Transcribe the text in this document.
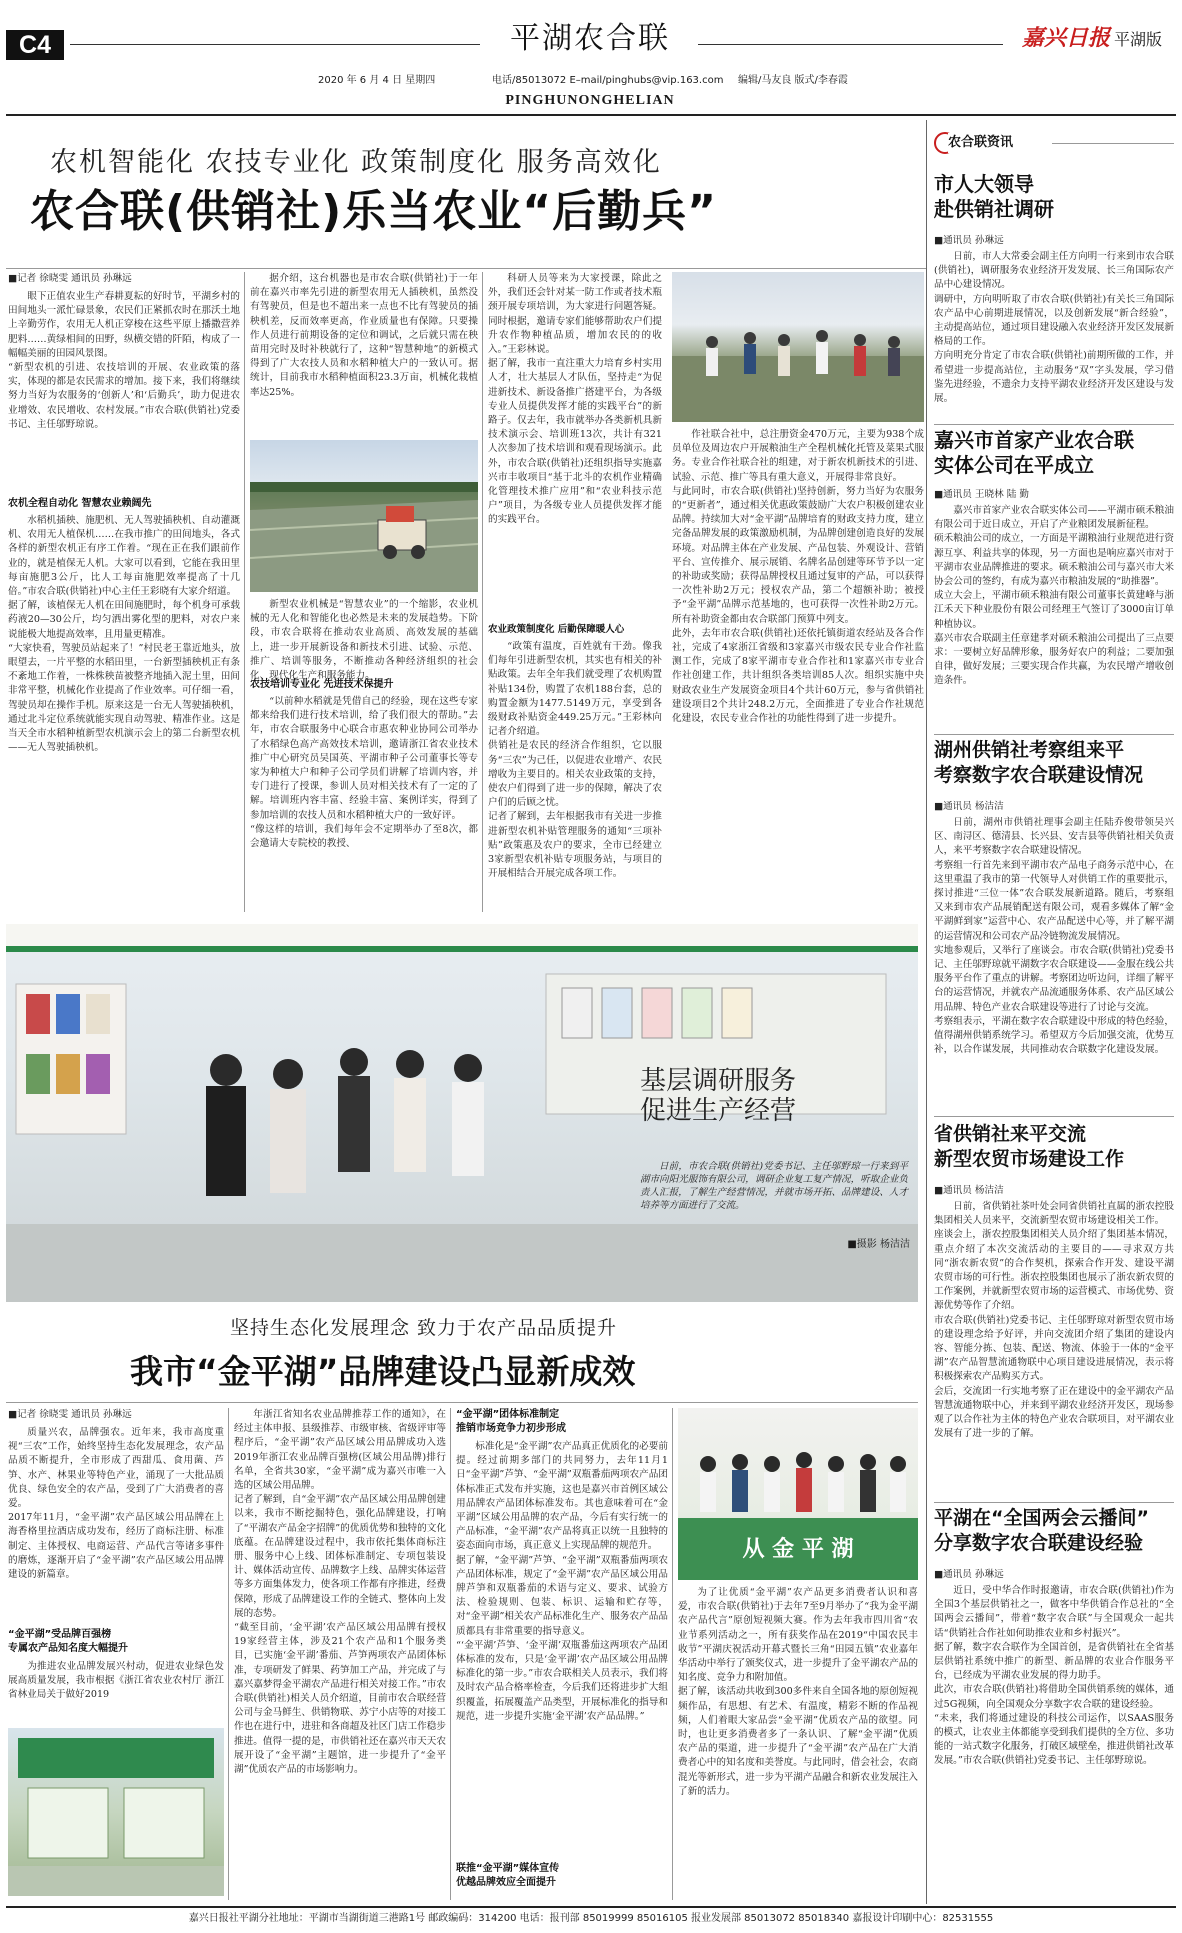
C4	平湖农合联	嘉兴日报 平湖版
2020 年 6 月 4 日 星期四	电话/85013072 E–mail/pinghubs@vip.163.com	编辑/马友良 版式/李春霞
PINGHUNONGHELIAN
农机智能化 农技专业化 政策制度化 服务高效化
农合联(供销社)乐当农业“后勤兵”
■记者 徐晓雯 通讯员 孙琳远
眼下正值农业生产春耕夏耘的好时节，平湖乡村的田间地头一派忙碌景象，农民们正紧抓农时在那沃土地上辛勤劳作，农用无人机正穿梭在这些平原上播撒营养肥料……黄绿相间的田野，纵横交错的阡陌，构成了一幅幅美丽的田园风景图。
“新型农机的引进、农技培训的开展、农业政策的落实，体现的都是农民需求的增加。接下来，我们将继续努力当好为农服务的‘创新人’和‘后勤兵’，助力促进农业增效、农民增收、农村发展。”市农合联(供销社)党委书记、主任邬野琼说。
农机全程自动化 智慧农业赖阔先
水稻机插秧、施肥机、无人驾驶插秧机、自动灌溉机、农用无人植保机……在我市推广的田间地头，各式各样的新型农机正有序工作着。“现在正在我们跟前作业的，就是植保无人机。大家可以看到，它能在我田里每亩施肥3公斤，比人工每亩施肥效率提高了十几倍。”市农合联(供销社)中心主任王彩晓有大家介绍道。
据了解，该植保无人机在田间施肥时，每个机身可承载药液20—30公斤，均匀洒出雾化型的肥料，对农户来说能极大地提高效率，且用量更精准。
“大家快看，驾驶员站起来了！”村民老王靠近地头，放眼望去，一片平整的水稻田里，一台新型插秧机正有条不紊地工作着，一株株秧苗被整齐地插入泥土里，田间非常平整，机械化作业提高了作业效率。可仔细一看，驾驶员却在操作手机。原来这是一台无人驾驶插秧机，通过北斗定位系统就能实现自动驾驶、精准作业。这是当天全市水稻种植新型农机演示会上的第二台新型农机——无人驾驶插秧机。
据介绍，这台机器也是市农合联(供销社)于一年前在嘉兴市率先引进的新型农用无人插秧机，虽然没有驾驶员，但是也不超出来一点也不比有驾驶员的插秧机差，反而效率更高，作业质量也有保障。只要操作人员进行前期设备的定位和调试，之后就只需在秧苗用完时及时补秧就行了，这种“智慧种地”的新模式得到了广大农技人员和水稻种植大户的一致认可。据统计，目前我市水稻种植面积23.3万亩，机械化栽植率达25%。
新型农业机械是“智慧农业”的一个缩影，农业机械的无人化和智能化也必然是未来的发展趋势。下阶段，市农合联将在推动农业高质、高效发展的基础上，进一步开展新设备和新技术引进、试验、示范、推广、培训等服务，不断推动各种经济组织的社会化、现代化生产和服务能力。
农技培训专业化 先进技术保提升
“以前种水稻就是凭借自己的经验，现在这些专家都来给我们进行技术培训，给了我们很大的帮助。”去年，市农合联服务中心联合市惠农种业协同公司举办了水稻绿色高产高效技术培训，邀请浙江省农业技术推广中心研究员吴国英、平湖市种子公司董事长等专家为种植大户和种子公司学员们讲解了培训内容，并专门进行了授课，参训人员对相关技术有了一定的了解。培训班内容丰富、经验丰富、案例详实，得到了参加培训的农技人员和水稻种植大户的一致好评。
“像这样的培训，我们每年会不定期举办了至8次，都会邀请大专院校的教授、
科研人员等来为大家授课，除此之外，我们还会针对某一防工作或者技术瓶颈开展专项培训，为大家进行问题答疑。同时根据，邀请专家们能够帮助农户们提升农作物种植品质，增加农民的的收入。”王彩林说。
据了解，我市一直注重大力培育乡村实用人才，壮大基层人才队伍，坚持走“为促进新技术、新设备推广搭建平台，为各级专业人员提供发挥才能的实践平台”的新路子。仅去年，我市就举办各类新机具新技术演示会、培训班13次，共计有321人次参加了技术培训和观看现场演示。此外，市农合联(供销社)还组织指导实施嘉兴市丰收项目“基于北斗的农机作业精确化管理技术推广应用”和“农业科技示范户”项目，为各级专业人员提供发挥才能的实践平台。
农业政策制度化 后勤保障暖人心
“政策有温度，百姓就有干劲。像我们每年引进新型农机，其实也有相关的补贴政策。去年全年我们就受理了农机购置补贴134份，购置了农机188台套，总的购置金额为1477.5149万元，享受到各级财政补贴资金449.25万元。”王彩林向记者介绍道。
供销社是农民的经济合作组织，它以服务“三农”为己任，以促进农业增产、农民增收为主要目的。相关农业政策的支持，使农户们得到了进一步的保障，解决了农户们的后顾之忧。
记者了解到，去年根据我市有关进一步推进新型农机补贴管理服务的通知“三项补贴”政策惠及农户的要求，全市已经建立3家新型农机补贴专项服务站，与项目的开展相结合开展完成各项工作。
作社联合社中，总注册资金470万元，主要为938个成员单位及周边农户开展粮油生产全程机械化托管及菜果式服务。专业合作社联合社的组建，对于新农机新技术的引进、试验、示范、推广等具有重大意义，开展得非常良好。
与此同时，市农合联(供销社)坚持创新，努力当好为农服务的“更新者”，通过相关优惠政策鼓励广大农户积极创建农业品牌。持续加大对“金平湖”品牌培育的财政支持力度，建立完备品牌发展的政策激励机制，为品牌创建创造良好的发展环境。对品牌主体在产业发展、产品包装、外观设计、营销平台、宣传推介、展示展销、名牌名品创建等环节予以一定的补助或奖励；获得品牌授权且通过复审的产品，可以获得一次性补助2万元；授权农产品，第二个超额补助；被授予“金平湖”品牌示范基地的，也可获得一次性补助2万元。所有补助资金都由农合联部门预算中列支。
此外，去年市农合联(供销社)还依托镇街道农经站及各合作社，完成了4家浙江省级和3家嘉兴市级农民专业合作社监测工作，完成了8家平湖市专业合作社和1家嘉兴市专业合作社创建工作，共计组织各类培训85人次。组织实施中央财政农业生产发展资金项目4个共计60万元，参与省供销社建设项目2个共计248.2万元，全面推进了专业合作社规范化建设，农民专业合作社的功能性得到了进一步提升。
基层调研服务
促进生产经营
日前，市农合联(供销社)党委书记、主任邬野琼一行来到平湖市向阳光服饰有限公司，调研企业复工复产情况，听取企业负责人汇报，了解生产经营情况，并就市场开拓、品牌建设、人才培养等方面进行了交流。
■摄影 杨洁洁
坚持生态化发展理念 致力于农产品品质提升
我市“金平湖”品牌建设凸显新成效
■记者 徐晓雯 通讯员 孙琳远
质量兴农，品牌强农。近年来，我市高度重视“三农”工作，始终坚持生态化发展理念，农产品品质不断提升，全市形成了西甜瓜、食用菌、芦笋、水产、林果业等特色产业，涌现了一大批品质优良、绿色安全的农产品，受到了广大消费者的喜爱。
2017年11月，“金平湖”农产品区域公用品牌在上海香格里拉酒店成功发布，经历了商标注册、标准制定、主体授权、电商运营、产品代言等诸多事件的磨炼，逐渐开启了“金平湖”农产品区域公用品牌建设的新篇章。
“金平湖”受品牌百强榜
专属农产品知名度大幅提升
为推进农业品牌发展兴村动，促进农业绿色发展高质量发展，我市根据《浙江省农业农村厅 浙江省林业局关于做好2019
年浙江省知名农业品牌推荐工作的通知》，在经过主体申报、县级推荐、市级审核、省级评审等程序后，“金平湖”农产品区域公用品牌成功入选2019年浙江农业品牌百强榜(区域公用品牌)排行名单，全省共30家，“金平湖”成为嘉兴市唯一入选的区域公用品牌。
记者了解到，自“金平湖”农产品区域公用品牌创建以来，我市不断挖掘特色，强化品牌建设，打响了“平湖农产品金字招牌”的优质优势和独特的文化底蕴。在品牌建设过程中，我市依托集体商标注册、服务中心上线、团体标准制定、专项包装设计、媒体活动宣传、品牌数字上线、品牌实体运营等多方面集体发力，使各项工作都有序推进，经费保障，形成了品牌建设工作的全链式、整体向上发展的态势。
“截至目前，‘金平湖’农产品区域公用品牌有授权19家经营主体，涉及21个农产品和1个服务类目，已实施‘金平湖’番茄、芦笋两项农产品团体标准，专项研发了鲜果、药笋加工产品，并完成了与嘉兴嘉梦得金平湖农产品进行相关对接工作。”市农合联(供销社)相关人员介绍道，目前市农合联经营公司与金马鲜生、供销物联、苏宁小店等的对接工作也在进行中，进驻和各商超及社区门店工作稳步推进。值得一提的是，市供销社还在嘉兴市天天农展开设了“金平湖”主题馆，进一步提升了“金平湖”优质农产品的市场影响力。
“金平湖”团体标准制定
推销市场竞争力初步形成
标准化是“金平湖”农产品真正优质化的必要前提。经过前期多部门的共同努力，去年11月1日“金平湖”芦笋、“金平湖”双瓶番茄两项农产品团体标准正式发布并实施，这也是嘉兴市首例区域公用品牌农产品团体标准发布。其也意味着可在“金平湖”区域公用品牌的农产品，今后有实行统一的产品标准，“金平湖”农产品将真正以统一且独特的姿态面向市场，真正意义上实现品牌的规范升。
据了解，“金平湖”芦笋、“金平湖”双瓶番茄两项农产品团体标准，规定了“金平湖”农产品区域公用品牌芦笋和双瓶番茄的术语与定义、要求、试验方法、检验规则、包装、标识、运输和贮存等，对“金平湖”相关农产品标准化生产、服务农产品品质都具有非常重要的指导意义。
“‘金平湖’芦笋、‘金平湖’双瓶番茄这两项农产品团体标准的发布，只是‘金平湖’农产品区域公用品牌标准化的第一步。”市农合联相关人员表示，我们将及时农产品合格率检查，今后我们还将进步扩大组织覆盖，拓展覆盖产品类型，开展标准化的指导和规范，进一步提升实施‘金平湖’农产品品牌。”
联推“金平湖”媒体宣传
优越品牌效应全面提升
从 金 平 湖
为了让优质“金平湖”农产品更多消费者认识和喜爱，市农合联(供销社)于去年7至9月举办了“我为金平湖农产品代言”原创短视频大赛。作为去年我市四川省“农业节系列活动之一，所有获奖作品在2019“中国农民丰收节”平湖庆祝活动开幕式暨长三角“田园五镇”农业嘉年华活动中举行了颁奖仪式，进一步提升了金平湖农产品的知名度、竞争力和附加值。
据了解，该活动共收到300多件来自全国各地的原创短视频作品，有思想、有艺术、有温度，精彩不断的作品视频，人们着眼大家品尝“金平湖”优质农产品的欲望。同时，也让更多消费者多了一条认识、了解“金平湖”优质农产品的渠道，进一步提升了“金平湖”农产品在广大消费者心中的知名度和美誉度。与此同时，借会社会，农商混光等新形式，进一步为平湖产品融合和新农业发展注入了新的活力。
农合联资讯
市人大领导
赴供销社调研
■通讯员 孙琳远
日前，市人大常委会副主任方向明一行来到市农合联(供销社)，调研服务农业经济开发发展、长三角国际农产品中心建设情况。
调研中，方向明听取了市农合联(供销社)有关长三角国际农产品中心前期进展情况，以及创新发展“新合经验”，主动提高站位，通过项目建设融入农业经济开发区发展新格局的工作。
方向明充分肯定了市农合联(供销社)前期所做的工作，并希望进一步提高站位，主动服务“双”字头发展，学习借鉴先进经验，不遗余力支持平湖农业经济开发区建设与发展。
嘉兴市首家产业农合联
实体公司在平成立
■通讯员 王晓林 陆 勤
嘉兴市首家产业农合联实体公司——平湖市硕禾粮油有限公司于近日成立，开启了产业粮团发展新征程。
硕禾粮油公司的成立，一方面是平湖粮油行业规范进行资源互享、利益共享的体现，另一方面也是响应嘉兴市对于平湖市农业品牌推进的要求。硕禾粮油公司与嘉兴市大米协会公司的签约，有成为嘉兴市粮油发展的“助推器”。
成立大会上，平湖市硕禾粮油有限公司董事长黄建峰与浙江禾天下种业股份有限公司经理王气签订了3000亩订单种植协议。
嘉兴市农合联副主任章建孝对硕禾粮油公司提出了三点要求：一要树立好品牌形象，服务好农户的利益；二要加强自律，做好发展；三要实现合作共赢，为农民增产增收创造条件。
湖州供销社考察组来平
考察数字农合联建设情况
■通讯员 杨洁洁
日前，湖州市供销社理事会副主任陆乔俊带领吴兴区、南浔区、德清县、长兴县、安吉县等供销社相关负责人，来平考察数字农合联建设情况。
考察组一行首先来到平湖市农产品电子商务示范中心，在这里重温了我市的第一代领导人对供销工作的重要批示，探讨推进“三位一体”农合联发展新道路。随后，考察组又来到市农产品展销配送有限公司，观看多媒体了解“金平湖鲜到家”运营中心、农产品配送中心等，并了解平湖的运营情况和公司农产品冷链物流发展情况。
实地参观后，又举行了座谈会。市农合联(供销社)党委书记、主任邬野琼就平湖数字农合联建设——金服在线公共服务平台作了重点的讲解。考察团边听边问，详细了解平台的运营情况，并就农产品流通服务体系、农产品区域公用品牌、特色产业农合联建设等进行了讨论与交流。
考察组表示，平湖在数字农合联建设中形成的特色经验，值得湖州供销系统学习。希望双方今后加强交流，优势互补，以合作谋发展，共同推动农合联数字化建设发展。
省供销社来平交流
新型农贸市场建设工作
■通讯员 杨洁洁
日前，省供销社茶叶处会同省供销社直属的浙农控股集团相关人员来平，交流新型农贸市场建设相关工作。
座谈会上，浙农控股集团相关人员介绍了集团基本情况，重点介绍了本次交流活动的主要目的——寻求双方共同“浙农新农贸”的合作契机，探索合作开发、建设平湖农贸市场的可行性。浙农控股集团也展示了浙农新农贸的工作案例，并就新型农贸市场的运营模式、市场优势、资源优势等作了介绍。
市农合联(供销社)党委书记、主任邬野琼对新型农贸市场的建设理念给予好评，并向交流团介绍了集团的建设内容、智能分拣、包装、配送、物流、体验于一体的“金平湖”农产品智慧流通物联中心项目建设进展情况，表示将积极探索农产品购买方式。
会后，交流团一行实地考察了正在建设中的金平湖农产品智慧流通物联中心，并来到平湖农业经济开发区，现场参观了以合作社为主体的特色产业农合联项目，对平湖农业发展有了进一步的了解。
平湖在“全国两会云播间”
分享数字农合联建设经验
■通讯员 孙琳远
近日，受中华合作时报邀请，市农合联(供销社)作为全国3个基层供销社之一，做客中华供销合作总社的“全国两会云播间”，带着“数字农合联”与全国观众一起共话“供销社合作社如何助推农业和乡村振兴”。
据了解，数字农合联作为全国首创，是省供销社在全省基层供销社系统中推广的新型、新品牌的农业合作服务平台，已经成为平湖农业发展的得力助手。
此次，市农合联(供销社)将借助全国供销系统的媒体，通过5G视频，向全国观众分享数字农合联的建设经验。
“未来，我们将通过建设的科技公司运作，以SAAS服务的模式，让农业主体都能享受到我们提供的全方位、多功能的一站式数字化服务，打破区域壁垒，推进供销社改革发展。”市农合联(供销社)党委书记、主任邬野琼说。
嘉兴日报社平湖分社地址：平湖市当湖街道三港路1号 邮政编码：314200 电话：报刊部 85019999 85016105 报业发展部 85013072 85018340 嘉报设计印刷中心：82531555
